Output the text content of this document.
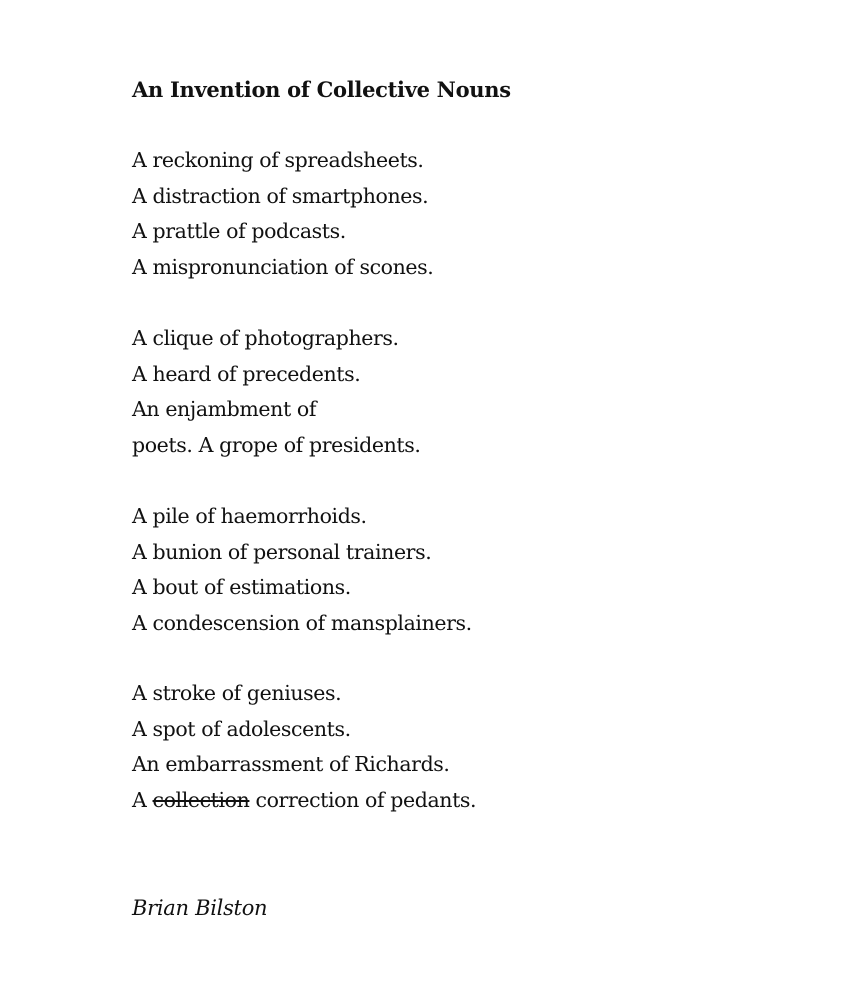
An Invention of Collective Nouns

A reckoning of spreadsheets.
A distraction of smartphones.
A prattle of podcasts.
A mispronunciation of scones.

A clique of photographers.
A heard of precedents.
An enjambment of
poets. A grope of presidents.

A pile of haemorrhoids.
A bunion of personal trainers.
A bout of estimations.
A condescension of mansplainers.

A stroke of geniuses.
A spot of adolescents.
An embarrassment of Richards.
A collection correction of pedants.

Brian Bilston
